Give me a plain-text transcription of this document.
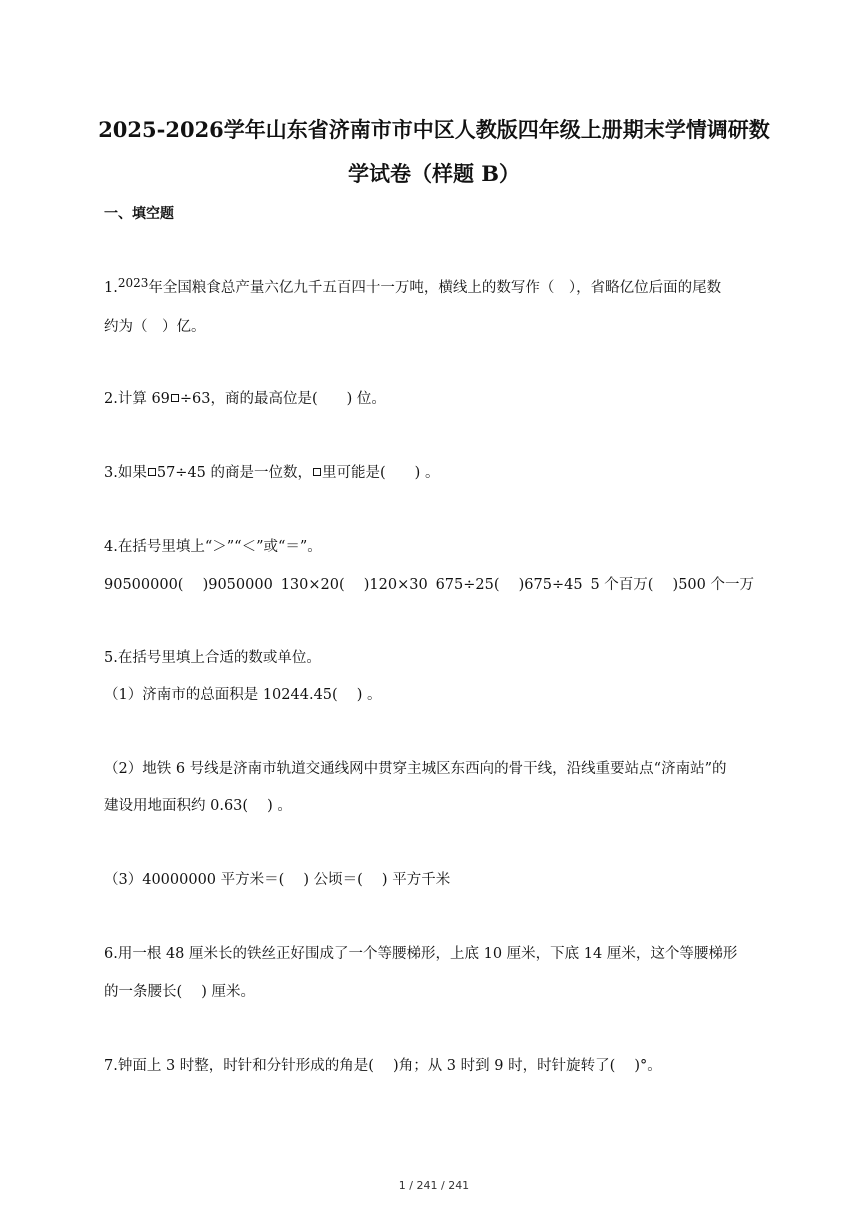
2025-2026学年山东省济南市市中区人教版四年级上册期末学情调研数
学试卷（样题 B）
一、填空题
1.$^{2023}$年全国粮食总产量六亿九千五百四十一万吨，横线上的数写作（　），省略亿位后面的尾数
约为（　）亿。
2.计算 69 ÷63，商的最高位是(　　) 位。
3.如果 57÷45 的商是一位数， 里可能是(　　) 。
4.在括号里填上“＞”“＜”或“＝”。
90500000(　 )9050000 130×20(　 )120×30 675÷25(　 )675÷45 5 个百万(　 )500 个一万
5.在括号里填上合适的数或单位。
（1）济南市的总面积是 10244.45(　 ) 。
（2）地铁 6 号线是济南市轨道交通线网中贯穿主城区东西向的骨干线，沿线重要站点“济南站”的
建设用地面积约 0.63(　 ) 。
（3）40000000 平方米＝(　 ) 公顷＝(　 ) 平方千米
6.用一根 48 厘米长的铁丝正好围成了一个等腰梯形，上底 10 厘米，下底 14 厘米，这个等腰梯形
的一条腰长(　 ) 厘米。
7.钟面上 3 时整，时针和分针形成的角是(　 )角；从 3 时到 9 时，时针旋转了(　 )°。
1 / 241 / 241
